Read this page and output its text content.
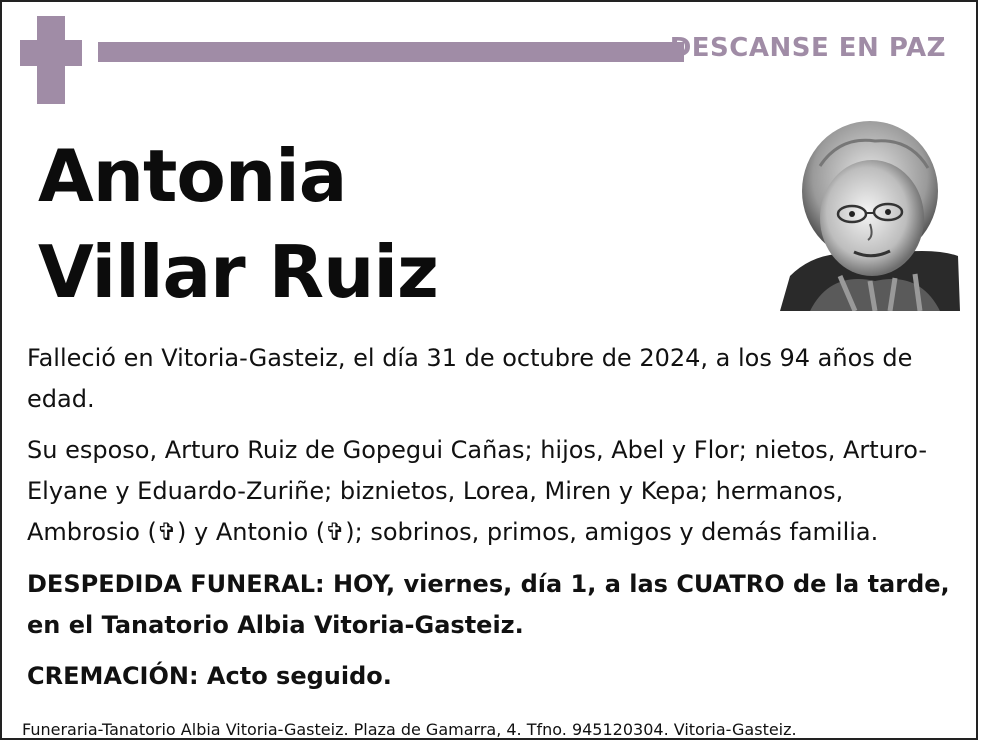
DESCANSE EN PAZ
Antonia
Villar Ruiz
Falleció en Vitoria-Gasteiz, el día 31 de octubre de 2024, a los 94 años de edad.
Su esposo, Arturo Ruiz de Gopegui Cañas; hijos, Abel y Flor; nietos, Arturo-Elyane y Eduardo-Zuriñe; biznietos, Lorea, Miren y Kepa; hermanos, Ambrosio (✞) y Antonio (✞); sobrinos, primos, amigos y demás familia.
DESPEDIDA FUNERAL: HOY, viernes, día 1, a las CUATRO de la tarde, en el Tanatorio Albia Vitoria-Gasteiz.
CREMACIÓN: Acto seguido.
Funeraria-Tanatorio Albia Vitoria-Gasteiz. Plaza de Gamarra, 4. Tfno. 945120304. Vitoria-Gasteiz.
